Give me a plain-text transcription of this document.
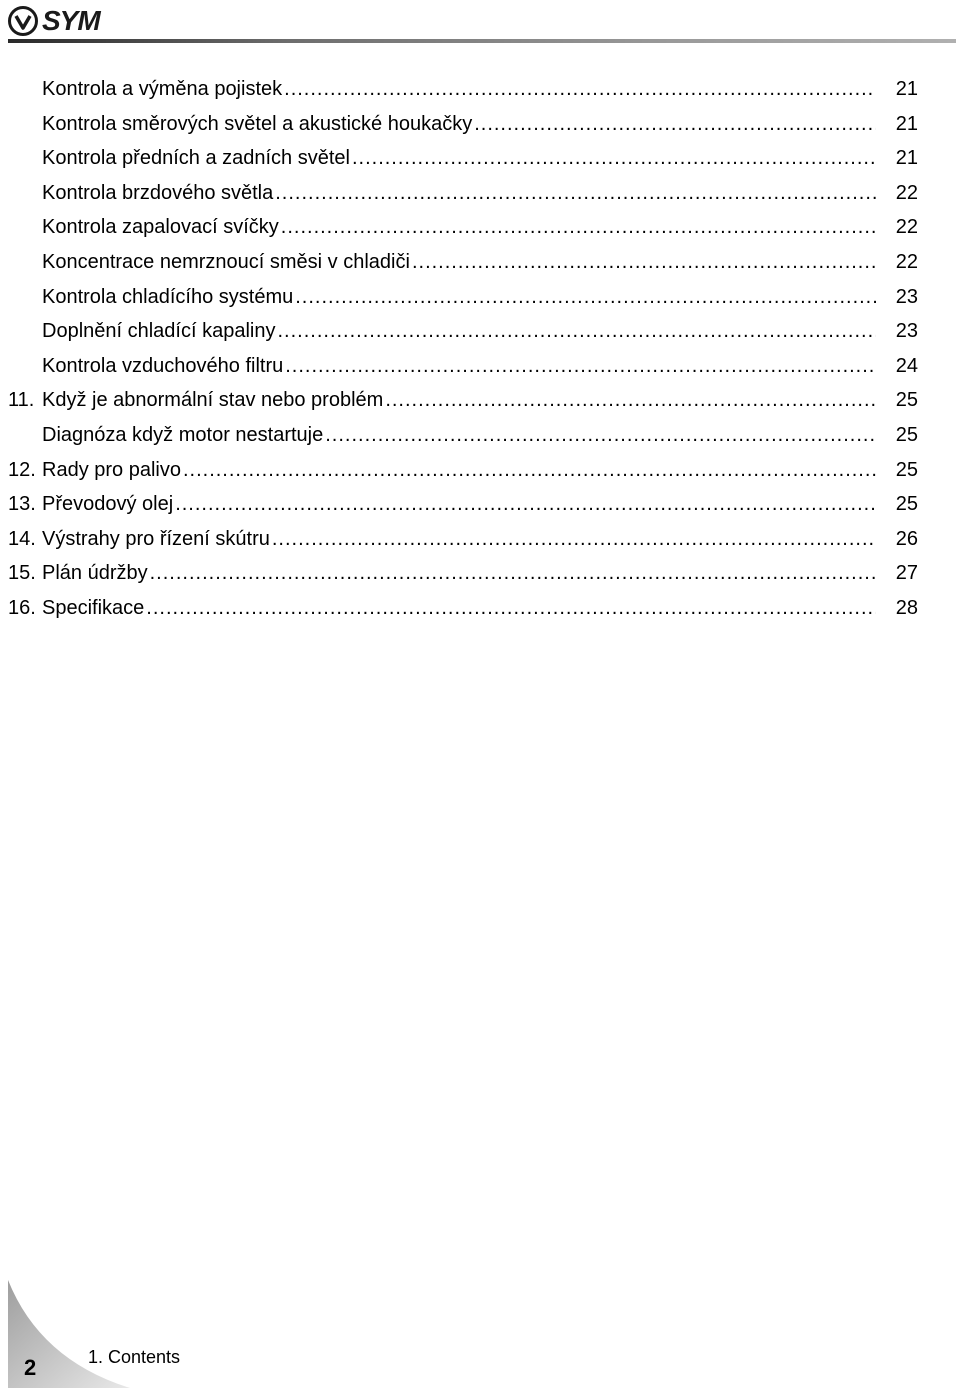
SYM
Kontrola a výměna pojistek .....	21
Kontrola směrových světel a akustické houkačky .....	21
Kontrola předních a zadních světel .....	21
Kontrola brzdového světla .....	22
Kontrola zapalovací svíčky .....	22
Koncentrace nemrznoucí směsi v chladiči .....	22
Kontrola chladícího systému .....	23
Doplnění chladící kapaliny .....	23
Kontrola vzduchového filtru .....	24
11. Když je abnormální stav nebo problém .....	25
Diagnóza když motor nestartuje .....	25
12. Rady pro palivo .....	25
13. Převodový olej .....	25
14. Výstrahy pro řízení skútru .....	26
15. Plán údržby .....	27
16. Specifikace .....	28
2	1. Contents
